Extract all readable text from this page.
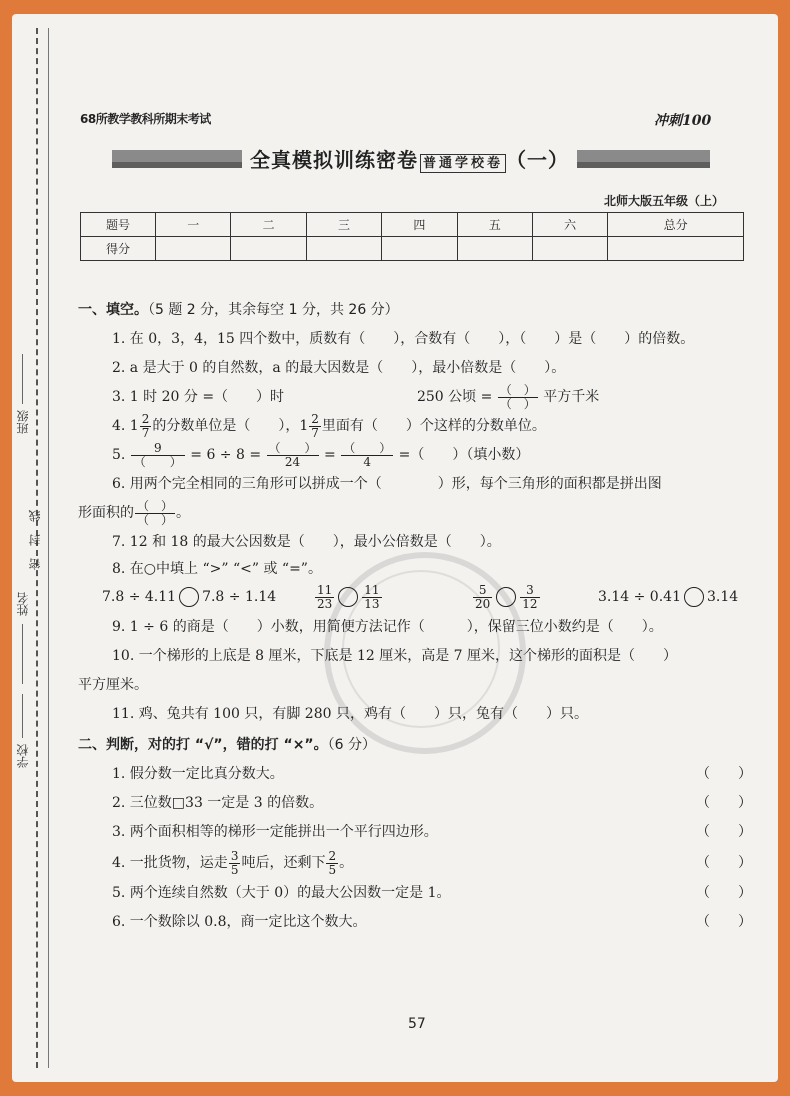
班级
姓名
密　封　线
学校
68所教学教科所期末考试	冲刺100
全真模拟训练密卷 普通学校卷 （一）
北师大版五年级（上）
题号	一	二	三	四	五	六	总分
得分							
一、填空。（5 题 2 分，其余每空 1 分，共 26 分）
1. 在 0，3，4，15 四个数中，质数有（　　），合数有（　　），（　　）是（　　）的倍数。
2. a 是大于 0 的自然数，a 的最大因数是（　　），最小倍数是（　　）。
3. 1 时 20 分 =（　　）时	250 公顷 = $\frac{( )}{( )}$ 平方千米
4. $1 \frac{2}{7}$ 的分数单位是（　　），$1 \frac{2}{7}$ 里面有（　　）个这样的分数单位。
5. $\frac{9}{( )} = 6 \div 8 = \frac{( )}{24} = \frac{( )}{4}$ =（　　）（填小数）
6. 用两个完全相同的三角形可以拼成一个（　　　　）形，每个三角形的面积都是拼出图
形面积的 $\frac{( )}{( )}$ 。
7. 12 和 18 的最大公因数是（　　），最小公倍数是（　　）。
8. 在○中填上 “>” “<” 或 “=”。
7.8 ÷ 4.11 7.8 ÷ 1.14	$\frac{11}{23} \frac{11}{13}$	$\frac{5}{20} \frac{3}{12}$	3.14 ÷ 0.41 3.14
9. 1 ÷ 6 的商是（　　）小数，用简便方法记作（　　　），保留三位小数约是（　　）。
10. 一个梯形的上底是 8 厘米，下底是 12 厘米，高是 7 厘米，这个梯形的面积是（　　）
平方厘米。
11. 鸡、兔共有 100 只，有脚 280 只，鸡有（　　）只，兔有（　　）只。
二、判断，对的打 “√”，错的打 “×”。（6 分）
1. 假分数一定比真分数大。	（　　）
2. 三位数□33 一定是 3 的倍数。	（　　）
3. 两个面积相等的梯形一定能拼出一个平行四边形。	（　　）
4. 一批货物，运走 $\frac{3}{5}$ 吨后，还剩下 $\frac{2}{5}$ 。	（　　）
5. 两个连续自然数（大于 0）的最大公因数一定是 1。	（　　）
6. 一个数除以 0.8，商一定比这个数大。	（　　）
57
